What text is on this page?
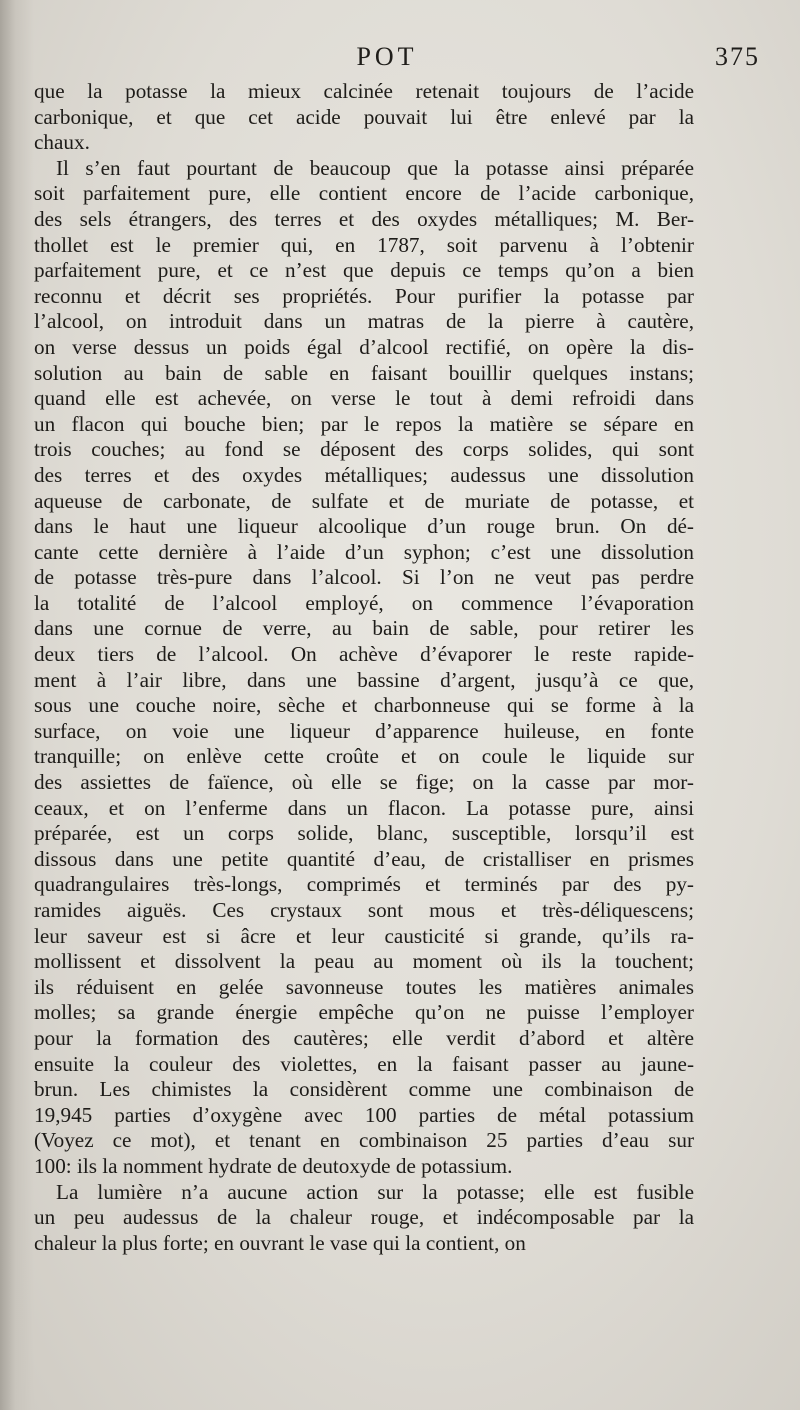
POT	375
que la potasse la mieux calcinée retenait toujours de l’acide
carbonique, et que cet acide pouvait lui être enlevé par la
chaux.
Il s’en faut pourtant de beaucoup que la potasse ainsi préparée
soit parfaitement pure, elle contient encore de l’acide carbonique,
des sels étrangers, des terres et des oxydes métalliques; M. Ber-
thollet est le premier qui, en 1787, soit parvenu à l’obtenir
parfaitement pure, et ce n’est que depuis ce temps qu’on a bien
reconnu et décrit ses propriétés. Pour purifier la potasse par
l’alcool, on introduit dans un matras de la pierre à cautère,
on verse dessus un poids égal d’alcool rectifié, on opère la dis-
solution au bain de sable en faisant bouillir quelques instans;
quand elle est achevée, on verse le tout à demi refroidi dans
un flacon qui bouche bien; par le repos la matière se sépare en
trois couches; au fond se déposent des corps solides, qui sont
des terres et des oxydes métalliques; audessus une dissolution
aqueuse de carbonate, de sulfate et de muriate de potasse, et
dans le haut une liqueur alcoolique d’un rouge brun. On dé-
cante cette dernière à l’aide d’un syphon; c’est une dissolution
de potasse très-pure dans l’alcool. Si l’on ne veut pas perdre
la totalité de l’alcool employé, on commence l’évaporation
dans une cornue de verre, au bain de sable, pour retirer les
deux tiers de l’alcool. On achève d’évaporer le reste rapide-
ment à l’air libre, dans une bassine d’argent, jusqu’à ce que,
sous une couche noire, sèche et charbonneuse qui se forme à la
surface, on voie une liqueur d’apparence huileuse, en fonte
tranquille; on enlève cette croûte et on coule le liquide sur
des assiettes de faïence, où elle se fige; on la casse par mor-
ceaux, et on l’enferme dans un flacon. La potasse pure, ainsi
préparée, est un corps solide, blanc, susceptible, lorsqu’il est
dissous dans une petite quantité d’eau, de cristalliser en prismes
quadrangulaires très-longs, comprimés et terminés par des py-
ramides aiguës. Ces crystaux sont mous et très-déliquescens;
leur saveur est si âcre et leur causticité si grande, qu’ils ra-
mollissent et dissolvent la peau au moment où ils la touchent;
ils réduisent en gelée savonneuse toutes les matières animales
molles; sa grande énergie empêche qu’on ne puisse l’employer
pour la formation des cautères; elle verdit d’abord et altère
ensuite la couleur des violettes, en la faisant passer au jaune-
brun. Les chimistes la considèrent comme une combinaison de
19,945 parties d’oxygène avec 100 parties de métal potassium
(Voyez ce mot), et tenant en combinaison 25 parties d’eau sur
100: ils la nomment hydrate de deutoxyde de potassium.
La lumière n’a aucune action sur la potasse; elle est fusible
un peu audessus de la chaleur rouge, et indécomposable par la
chaleur la plus forte; en ouvrant le vase qui la contient, on
